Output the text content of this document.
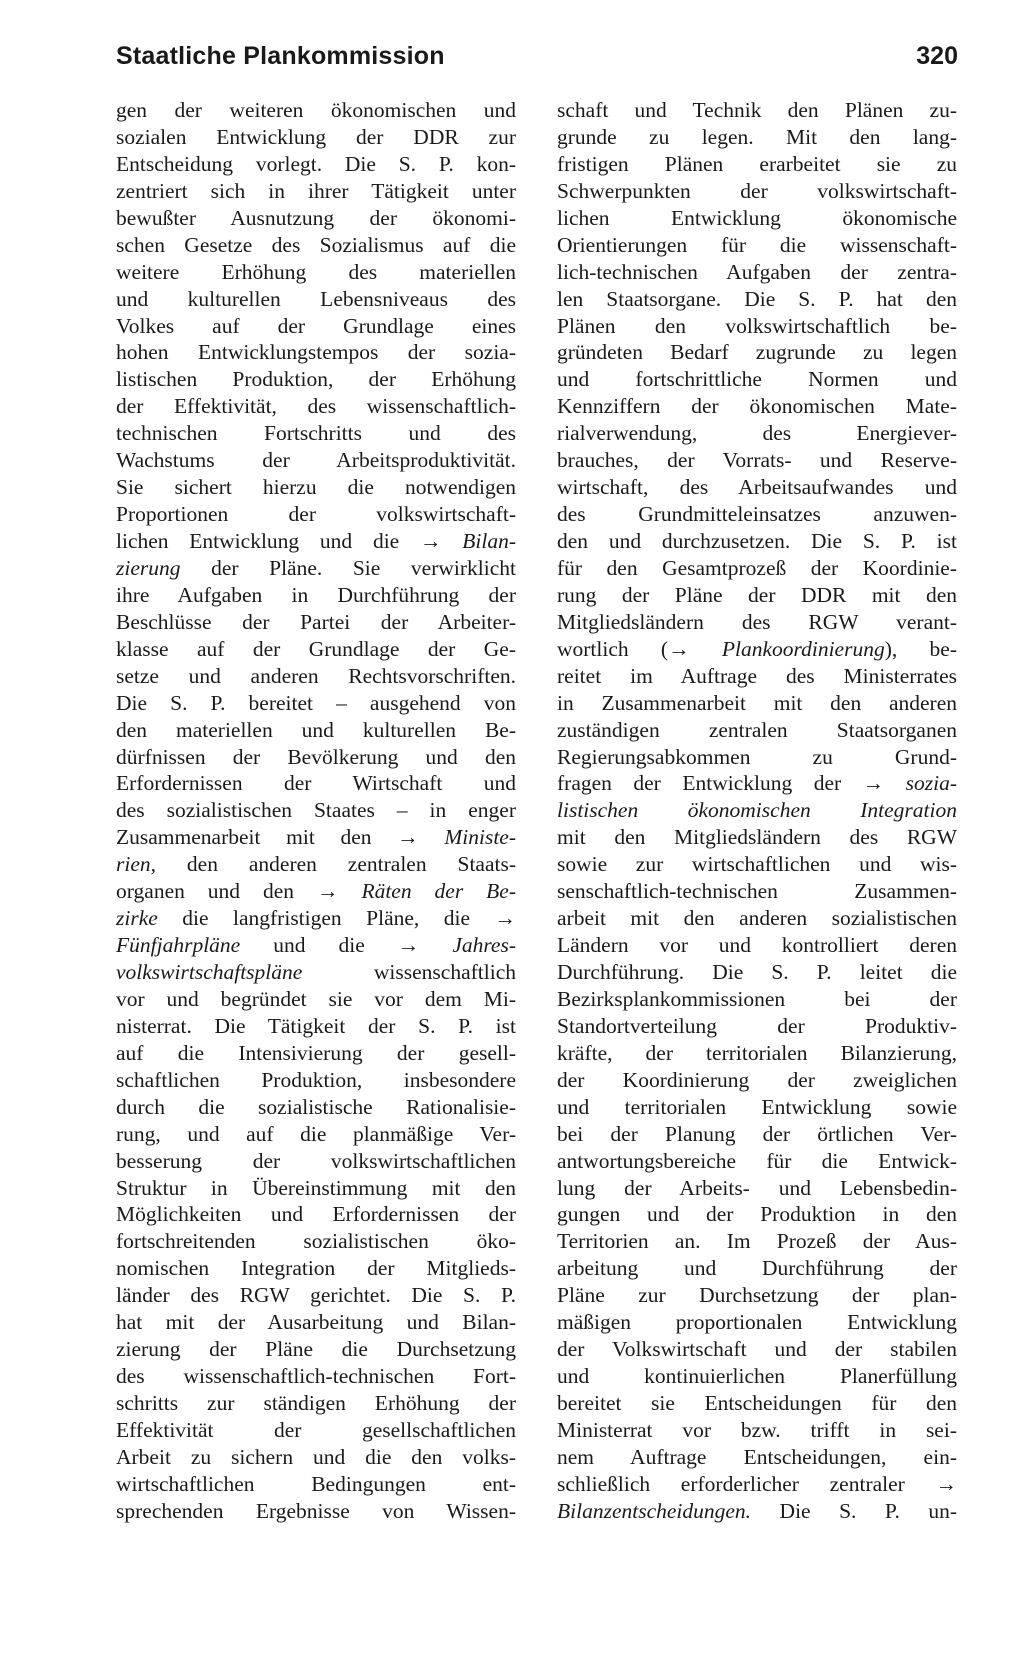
Staatliche Plankommission	320
gen der weiteren ökonomischen und
sozialen Entwicklung der DDR zur
Entscheidung vorlegt. Die S. P. kon-
zentriert sich in ihrer Tätigkeit unter
bewußter Ausnutzung der ökonomi-
schen Gesetze des Sozialismus auf die
weitere Erhöhung des materiellen
und kulturellen Lebensniveaus des
Volkes auf der Grundlage eines
hohen Entwicklungstempos der sozia-
listischen Produktion, der Erhöhung
der Effektivität, des wissenschaftlich-
technischen Fortschritts und des
Wachstums der Arbeitsproduktivität.
Sie sichert hierzu die notwendigen
Proportionen der volkswirtschaft-
lichen Entwicklung und die → Bilan-
zierung der Pläne. Sie verwirklicht
ihre Aufgaben in Durchführung der
Beschlüsse der Partei der Arbeiter-
klasse auf der Grundlage der Ge-
setze und anderen Rechtsvorschriften.
Die S. P. bereitet – ausgehend von
den materiellen und kulturellen Be-
dürfnissen der Bevölkerung und den
Erfordernissen der Wirtschaft und
des sozialistischen Staates – in enger
Zusammenarbeit mit den → Ministe-
rien, den anderen zentralen Staats-
organen und den → Räten der Be-
zirke die langfristigen Pläne, die →
Fünfjahrpläne und die → Jahres-
volkswirtschaftspläne wissenschaftlich
vor und begründet sie vor dem Mi-
nisterrat. Die Tätigkeit der S. P. ist
auf die Intensivierung der gesell-
schaftlichen Produktion, insbesondere
durch die sozialistische Rationalisie-
rung, und auf die planmäßige Ver-
besserung der volkswirtschaftlichen
Struktur in Übereinstimmung mit den
Möglichkeiten und Erfordernissen der
fortschreitenden sozialistischen öko-
nomischen Integration der Mitglieds-
länder des RGW gerichtet. Die S. P.
hat mit der Ausarbeitung und Bilan-
zierung der Pläne die Durchsetzung
des wissenschaftlich-technischen Fort-
schritts zur ständigen Erhöhung der
Effektivität der gesellschaftlichen
Arbeit zu sichern und die den volks-
wirtschaftlichen Bedingungen ent-
sprechenden Ergebnisse von Wissen-
schaft und Technik den Plänen zu-
grunde zu legen. Mit den lang-
fristigen Plänen erarbeitet sie zu
Schwerpunkten der volkswirtschaft-
lichen Entwicklung ökonomische
Orientierungen für die wissenschaft-
lich-technischen Aufgaben der zentra-
len Staatsorgane. Die S. P. hat den
Plänen den volkswirtschaftlich be-
gründeten Bedarf zugrunde zu legen
und fortschrittliche Normen und
Kennziffern der ökonomischen Mate-
rialverwendung, des Energiever-
brauches, der Vorrats- und Reserve-
wirtschaft, des Arbeitsaufwandes und
des Grundmitteleinsatzes anzuwen-
den und durchzusetzen. Die S. P. ist
für den Gesamtprozeß der Koordinie-
rung der Pläne der DDR mit den
Mitgliedsländern des RGW verant-
wortlich (→ Plankoordinierung), be-
reitet im Auftrage des Ministerrates
in Zusammenarbeit mit den anderen
zuständigen zentralen Staatsorganen
Regierungsabkommen zu Grund-
fragen der Entwicklung der → sozia-
listischen ökonomischen Integration
mit den Mitgliedsländern des RGW
sowie zur wirtschaftlichen und wis-
senschaftlich-technischen Zusammen-
arbeit mit den anderen sozialistischen
Ländern vor und kontrolliert deren
Durchführung. Die S. P. leitet die
Bezirksplankommissionen bei der
Standortverteilung der Produktiv-
kräfte, der territorialen Bilanzierung,
der Koordinierung der zweiglichen
und territorialen Entwicklung sowie
bei der Planung der örtlichen Ver-
antwortungsbereiche für die Entwick-
lung der Arbeits- und Lebensbedin-
gungen und der Produktion in den
Territorien an. Im Prozeß der Aus-
arbeitung und Durchführung der
Pläne zur Durchsetzung der plan-
mäßigen proportionalen Entwicklung
der Volkswirtschaft und der stabilen
und kontinuierlichen Planerfüllung
bereitet sie Entscheidungen für den
Ministerrat vor bzw. trifft in sei-
nem Auftrage Entscheidungen, ein-
schließlich erforderlicher zentraler →
Bilanzentscheidungen. Die S. P. un-
